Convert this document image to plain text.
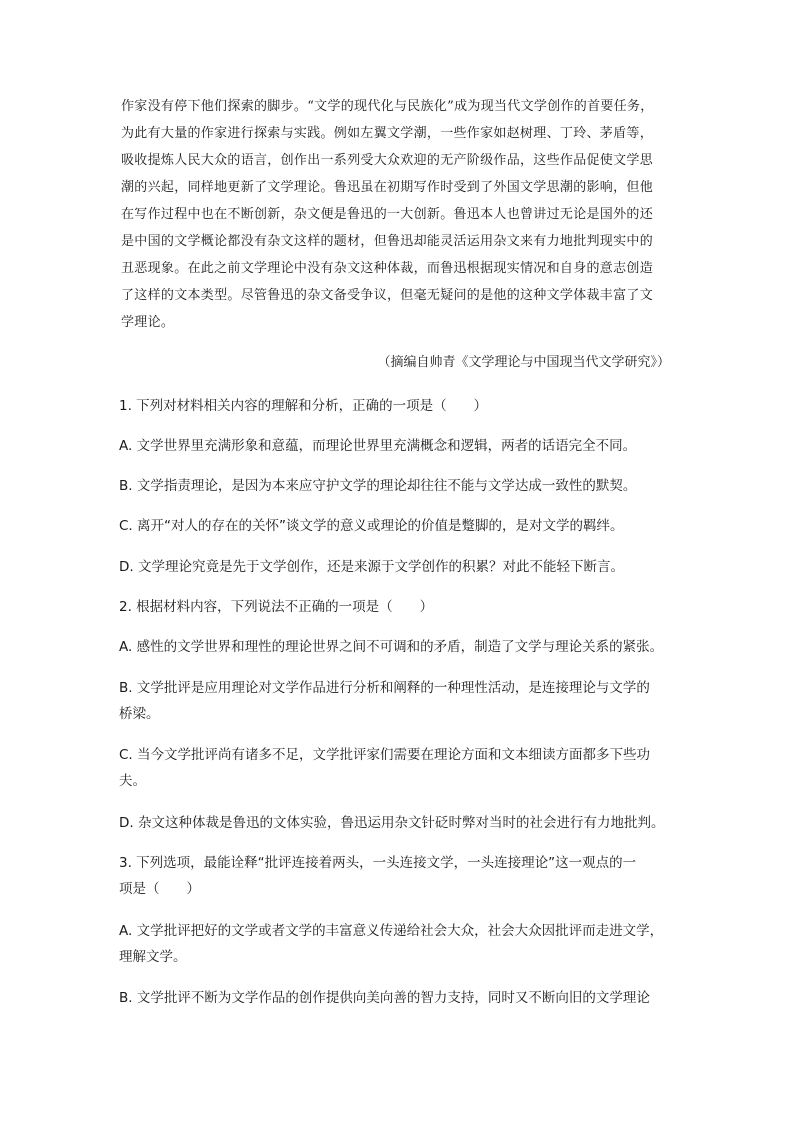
作家没有停下他们探索的脚步。“文学的现代化与民族化”成为现当代文学创作的首要任务，
为此有大量的作家进行探索与实践。例如左翼文学潮，一些作家如赵树理、丁玲、茅盾等，
吸收提炼人民大众的语言，创作出一系列受大众欢迎的无产阶级作品，这些作品促使文学思
潮的兴起，同样地更新了文学理论。鲁迅虽在初期写作时受到了外国文学思潮的影响，但他
在写作过程中也在不断创新，杂文便是鲁迅的一大创新。鲁迅本人也曾讲过无论是国外的还
是中国的文学概论都没有杂文这样的题材，但鲁迅却能灵活运用杂文来有力地批判现实中的
丑恶现象。在此之前文学理论中没有杂文这种体裁，而鲁迅根据现实情况和自身的意志创造
了这样的文本类型。尽管鲁迅的杂文备受争议，但毫无疑问的是他的这种文学体裁丰富了文
学理论。
（摘编自帅青《文学理论与中国现当代文学研究》）
1. 下列对材料相关内容的理解和分析，正确的一项是（　　）
A. 文学世界里充满形象和意蕴，而理论世界里充满概念和逻辑，两者的话语完全不同。
B. 文学指责理论，是因为本来应守护文学的理论却往往不能与文学达成一致性的默契。
C. 离开“对人的存在的关怀”谈文学的意义或理论的价值是蹩脚的，是对文学的羁绊。
D. 文学理论究竟是先于文学创作，还是来源于文学创作的积累？对此不能轻下断言。
2. 根据材料内容，下列说法不正确的一项是（　　）
A. 感性的文学世界和理性的理论世界之间不可调和的矛盾，制造了文学与理论关系的紧张。
B. 文学批评是应用理论对文学作品进行分析和阐释的一种理性活动，是连接理论与文学的
桥梁。
C. 当今文学批评尚有诸多不足，文学批评家们需要在理论方面和文本细读方面都多下些功
夫。
D. 杂文这种体裁是鲁迅的文体实验，鲁迅运用杂文针砭时弊对当时的社会进行有力地批判。
3. 下列选项，最能诠释“批评连接着两头，一头连接文学，一头连接理论”这一观点的一
项是（　　）
A. 文学批评把好的文学或者文学的丰富意义传递给社会大众，社会大众因批评而走进文学，
理解文学。
B. 文学批评不断为文学作品的创作提供向美向善的智力支持，同时又不断向旧的文学理论
